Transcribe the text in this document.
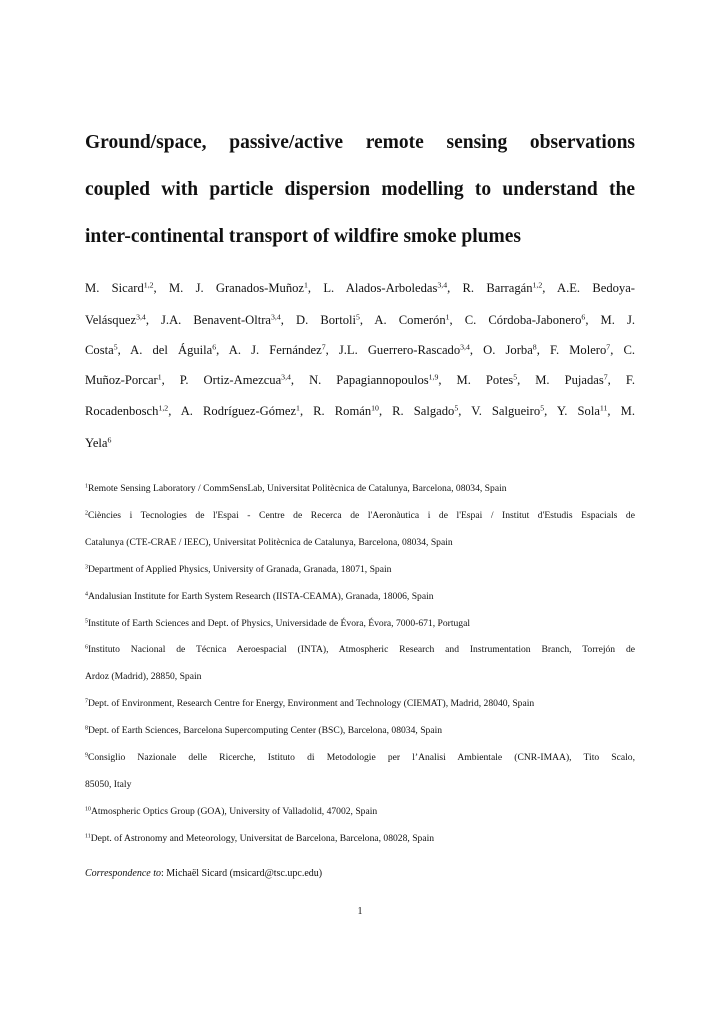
Ground/space, passive/active remote sensing observations
coupled with particle dispersion modelling to understand the
inter-continental transport of wildfire smoke plumes
M. Sicard$^{1,2}$, M. J. Granados-Muñoz$^1$, L. Alados-Arboledas$^{3,4}$, R. Barragán$^{1,2}$, A.E. Bedoya-
Velásquez$^{3,4}$, J.A. Benavent-Oltra$^{3,4}$, D. Bortoli$^5$, A. Comerón$^1$, C. Córdoba-Jabonero$^6$, M. J.
Costa$^5$, A. del Águila$^6$, A. J. Fernández$^7$, J.L. Guerrero-Rascado$^{3,4}$, O. Jorba$^8$, F. Molero$^7$, C.
Muñoz-Porcar$^1$, P. Ortiz-Amezcua$^{3,4}$, N. Papagiannopoulos$^{1,9}$, M. Potes$^5$, M. Pujadas$^7$, F.
Rocadenbosch$^{1,2}$, A. Rodríguez-Gómez$^1$, R. Román$^{10}$, R. Salgado$^5$, V. Salgueiro$^5$, Y. Sola$^{11}$, M.
Yela$^6$
$^1$Remote Sensing Laboratory / CommSensLab, Universitat Politècnica de Catalunya, Barcelona, 08034, Spain
$^2$Ciències i Tecnologies de l'Espai - Centre de Recerca de l'Aeronàutica i de l'Espai / Institut d'Estudis Espacials de
Catalunya (CTE-CRAE / IEEC), Universitat Politècnica de Catalunya, Barcelona, 08034, Spain
$^3$Department of Applied Physics, University of Granada, Granada, 18071, Spain
$^4$Andalusian Institute for Earth System Research (IISTA-CEAMA), Granada, 18006, Spain
$^5$Institute of Earth Sciences and Dept. of Physics, Universidade de Évora, Évora, 7000-671, Portugal
$^6$Instituto Nacional de Técnica Aeroespacial (INTA), Atmospheric Research and Instrumentation Branch, Torrejón de
Ardoz (Madrid), 28850, Spain
$^7$Dept. of Environment, Research Centre for Energy, Environment and Technology (CIEMAT), Madrid, 28040, Spain
$^8$Dept. of Earth Sciences, Barcelona Supercomputing Center (BSC), Barcelona, 08034, Spain
$^9$Consiglio Nazionale delle Ricerche, Istituto di Metodologie per l’Analisi Ambientale (CNR-IMAA), Tito Scalo,
85050, Italy
$^{10}$Atmospheric Optics Group (GOA), University of Valladolid, 47002, Spain
$^{11}$Dept. of Astronomy and Meteorology, Universitat de Barcelona, Barcelona, 08028, Spain
Correspondence to: Michaël Sicard (msicard@tsc.upc.edu)
1
